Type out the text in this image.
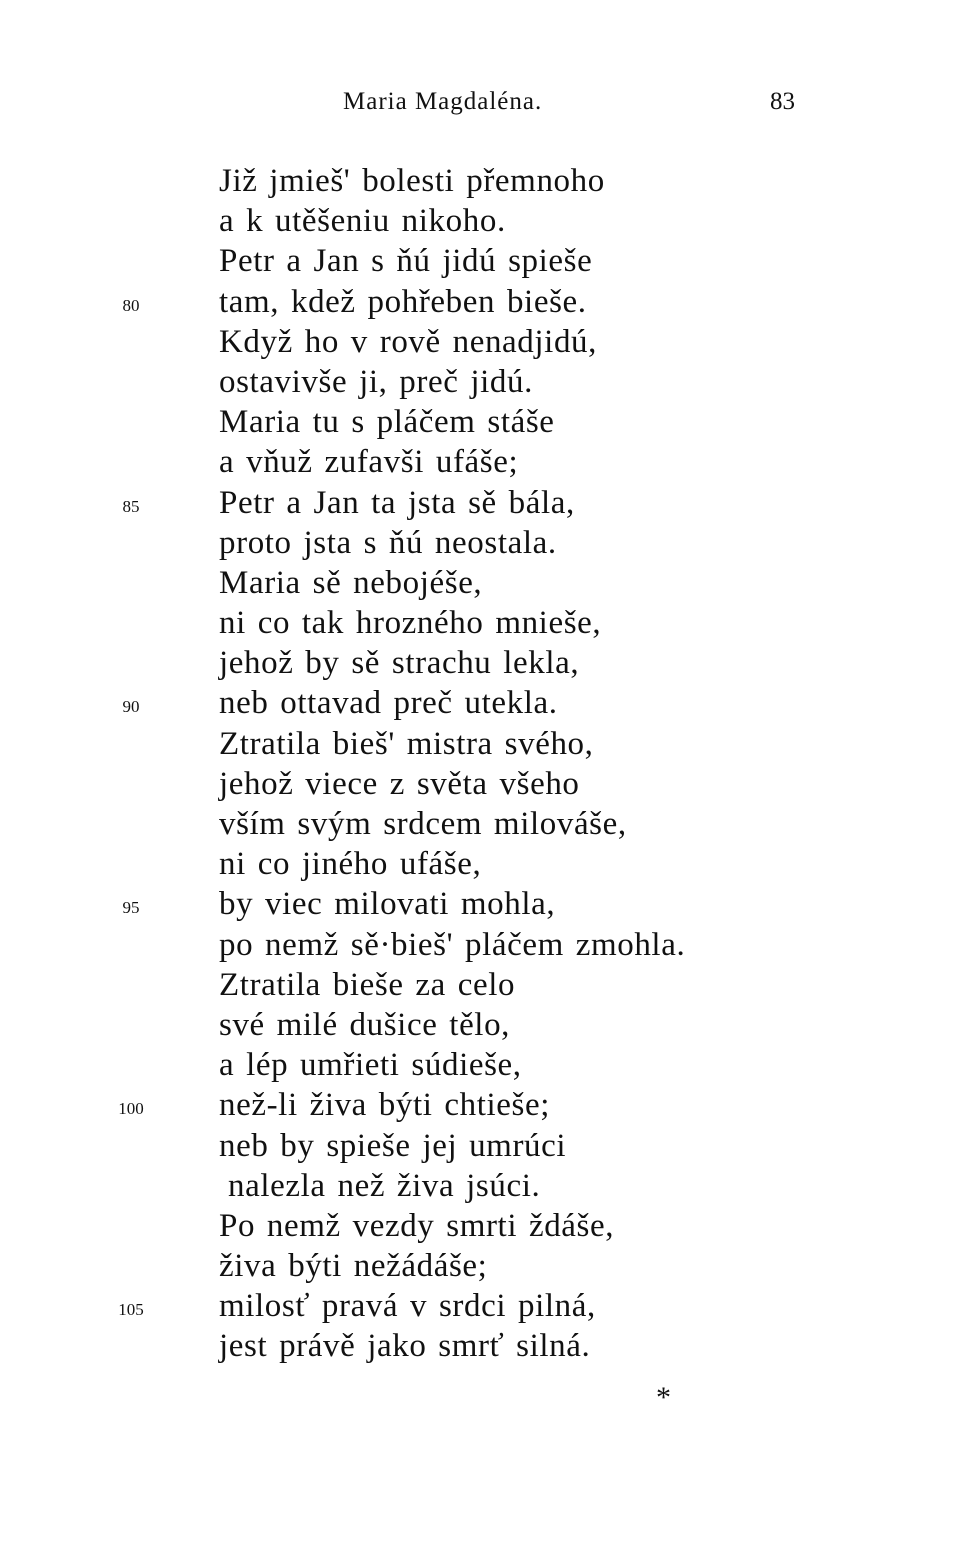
Maria Magdaléna.	83
Již jmieš' bolesti přemnoho
a k utěšeniu nikoho.
Petr a Jan s ňú jidú spieše
tam, kdež pohřeben bieše.
80
Když ho v rově nenadjidú,
ostavivše ji, preč jidú.
Maria tu s pláčem stáše
a vňuž zufavši ufáše;
Petr a Jan ta jsta sě bála,
85
proto jsta s ňú neostala.
Maria sě nebojéše,
ni co tak hrozného mnieše,
jehož by sě strachu lekla,
neb ottavad preč utekla.
90
Ztratila bieš' mistra svého,
jehož viece z světa všeho
vším svým srdcem milováše,
ni co jiného ufáše,
by viec milovati mohla,
95
po nemž sě·bieš' pláčem zmohla.
Ztratila bieše za celo
své milé dušice tělo,
a lép umřieti súdieše,
než-li živa býti chtieše;
100
neb by spieše jej umrúci
nalezla než živa jsúci.
Po nemž vezdy smrti ždáše,
živa býti nežádáše;
milosť pravá v srdci pilná,
105
jest právě jako smrť silná.
*
